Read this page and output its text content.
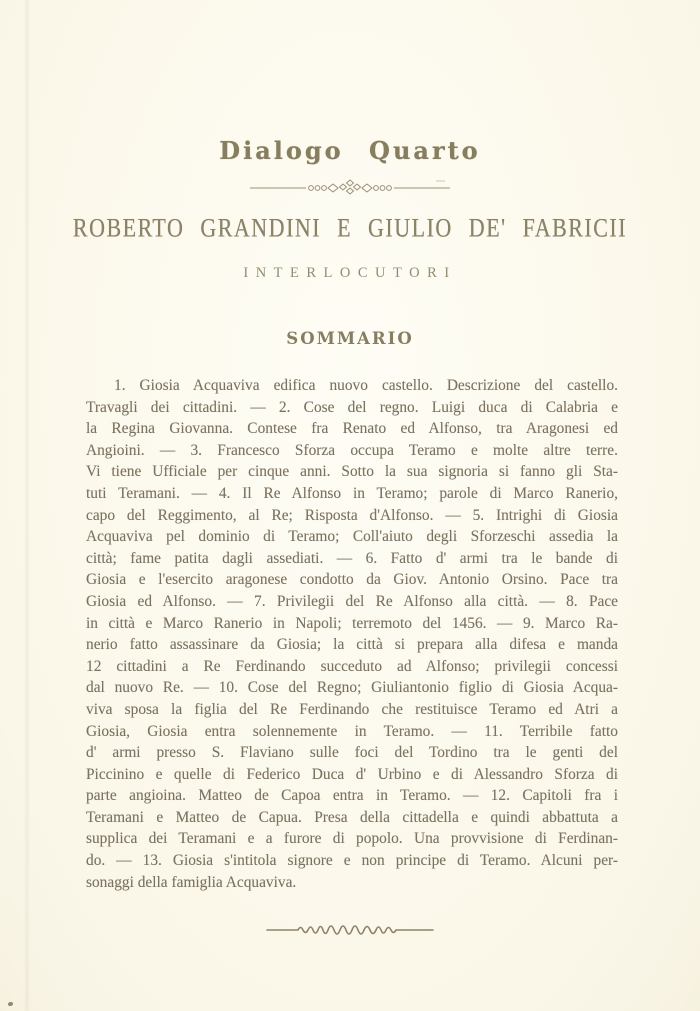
Dialogo Quarto
ROBERTO GRANDINI E GIULIO DE' FABRICII
INTERLOCUTORI
SOMMARIO
1. Giosia Acquaviva edifica nuovo castello. Descrizione del castello.
Travagli dei cittadini. — 2. Cose del regno. Luigi duca di Calabria e
la Regina Giovanna. Contese fra Renato ed Alfonso, tra Aragonesi ed
Angioini. — 3. Francesco Sforza occupa Teramo e molte altre terre.
Vi tiene Ufficiale per cinque anni. Sotto la sua signoria si fanno gli Sta-
tuti Teramani. — 4. Il Re Alfonso in Teramo; parole di Marco Ranerio,
capo del Reggimento, al Re; Risposta d'Alfonso. — 5. Intrighi di Giosia
Acquaviva pel dominio di Teramo; Coll'aiuto degli Sforzeschi assedia la
città; fame patita dagli assediati. — 6. Fatto d' armi tra le bande di
Giosia e l'esercito aragonese condotto da Giov. Antonio Orsino. Pace tra
Giosia ed Alfonso. — 7. Privilegii del Re Alfonso alla città. — 8. Pace
in città e Marco Ranerio in Napoli; terremoto del 1456. — 9. Marco Ra-
nerio fatto assassinare da Giosia; la città si prepara alla difesa e manda
12 cittadini a Re Ferdinando succeduto ad Alfonso; privilegii concessi
dal nuovo Re. — 10. Cose del Regno; Giuliantonio figlio di Giosia Acqua-
viva sposa la figlia del Re Ferdinando che restituisce Teramo ed Atri a
Giosia, Giosia entra solennemente in Teramo. — 11. Terribile fatto
d' armi presso S. Flaviano sulle foci del Tordino tra le genti del
Piccinino e quelle di Federico Duca d' Urbino e di Alessandro Sforza di
parte angioina. Matteo de Capoa entra in Teramo. — 12. Capitoli fra i
Teramani e Matteo de Capua. Presa della cittadella e quindi abbattuta a
supplica dei Teramani e a furore di popolo. Una provvisione di Ferdinan-
do. — 13. Giosia s'intitola signore e non principe di Teramo. Alcuni per-
sonaggi della famiglia Acquaviva.
